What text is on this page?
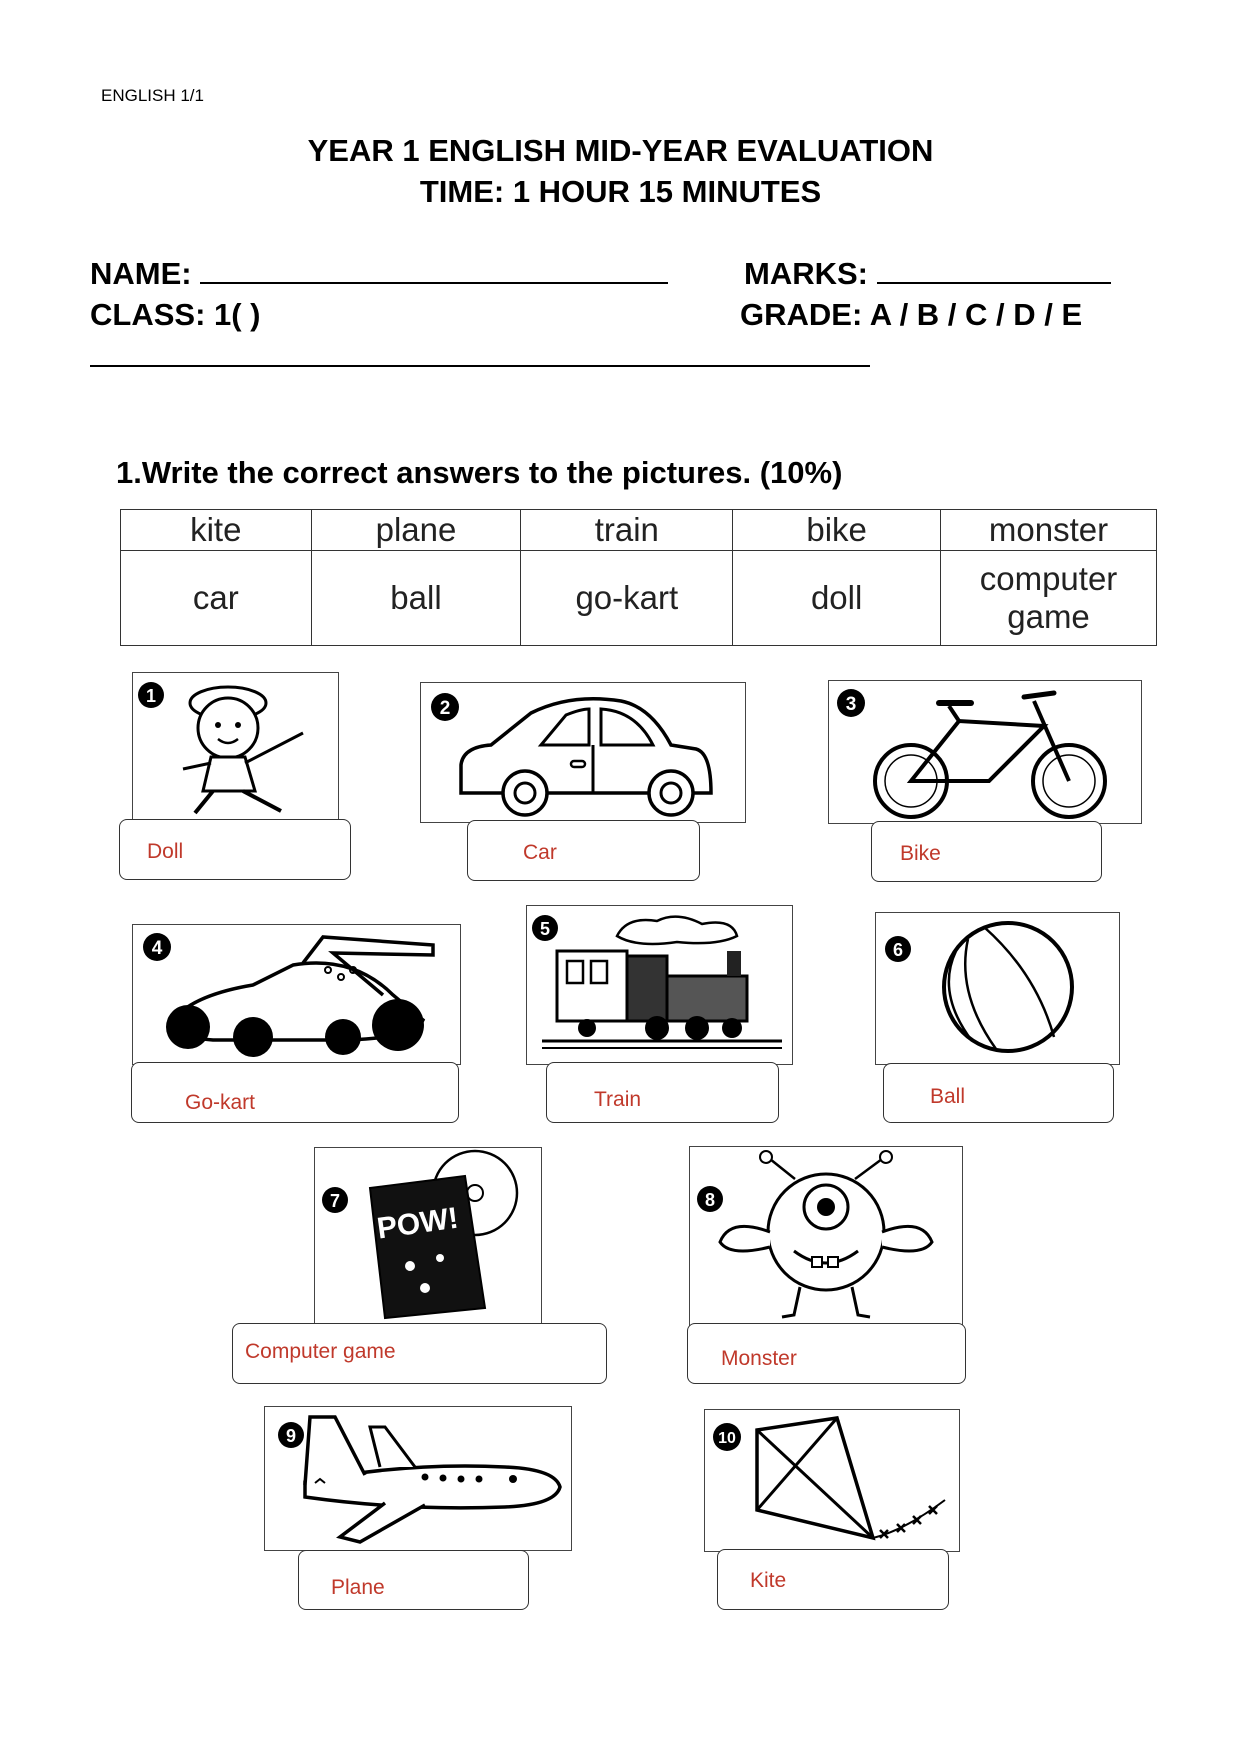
ENGLISH 1/1
YEAR 1 ENGLISH MID-YEAR EVALUATION
TIME: 1 HOUR 15 MINUTES
NAME:	MARKS:
CLASS: 1( )	GRADE: A / B / C / D / E
1.Write the correct answers to the pictures. (10%)
kite	plane	train	bike	monster
car	ball	go-kart	doll	computer game
1
Doll
2
Car
3
Bike
4
Go-kart
5
Train
6
Ball
7
POW!
Computer game
8
Monster
9
Plane
10
Kite
